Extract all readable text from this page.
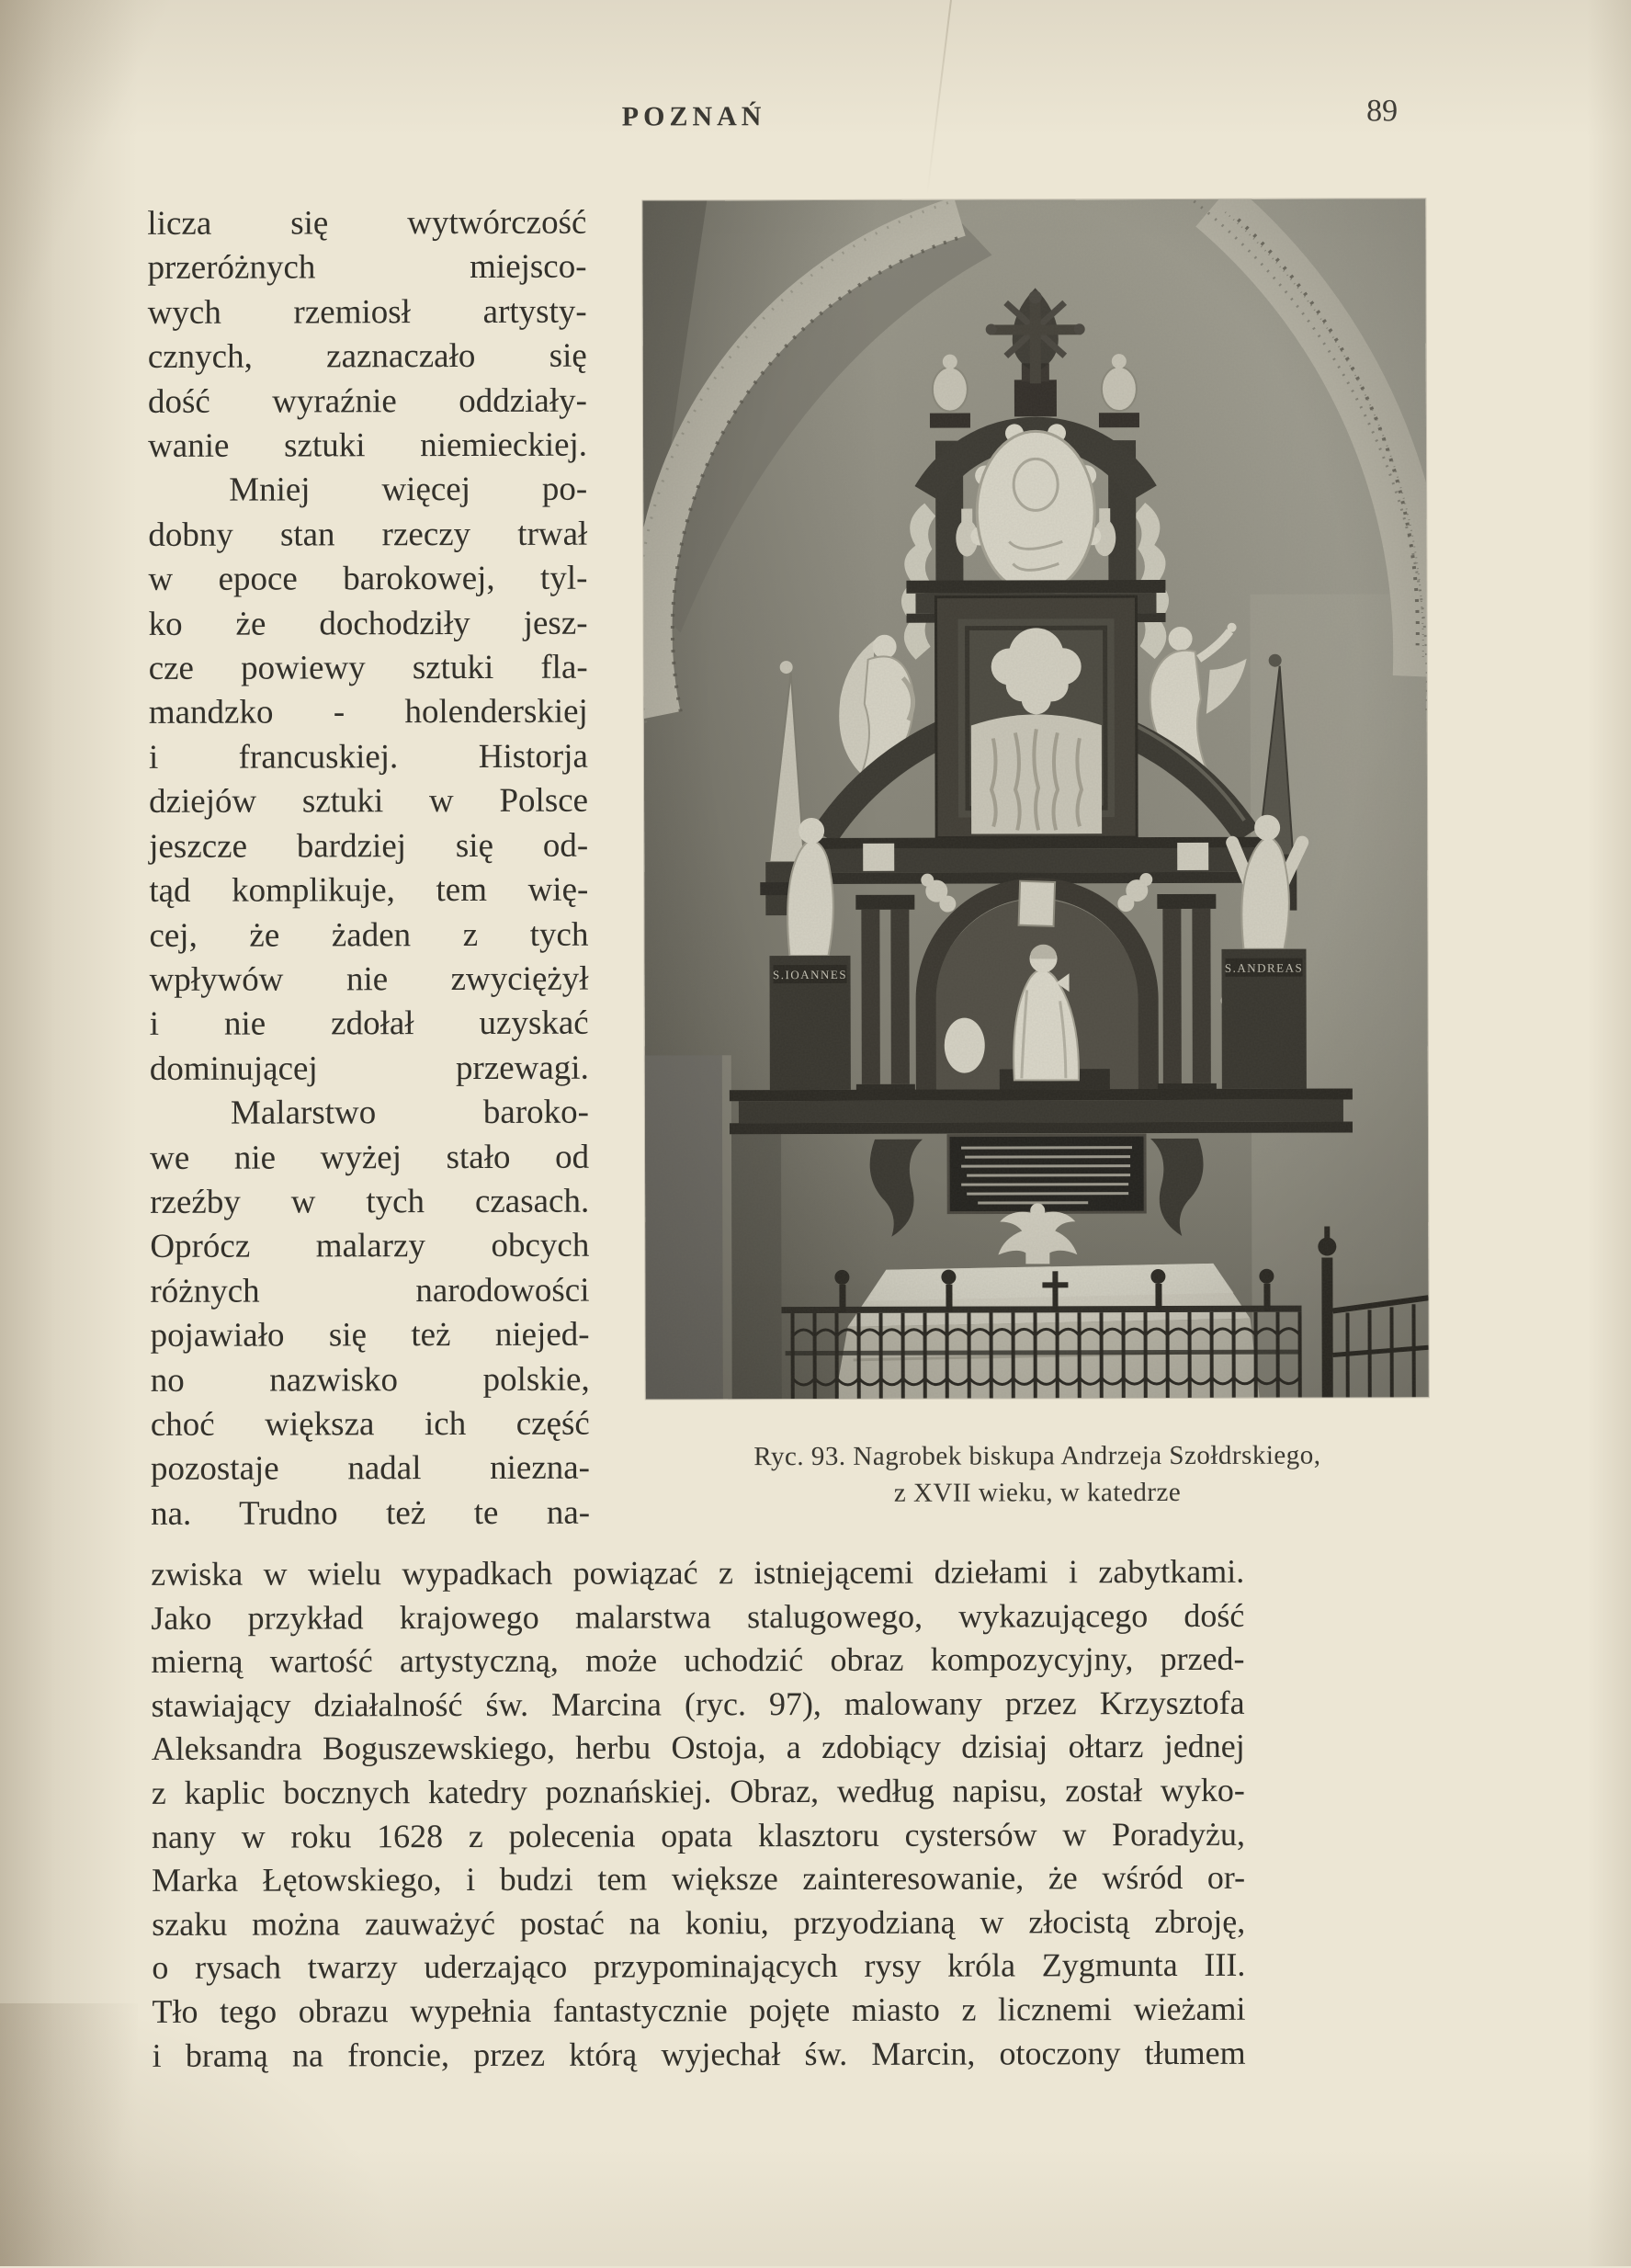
POZNAŃ	89
licza się wytwórczość
przeróżnych miejsco-
wych rzemiosł artysty-
cznych, zaznaczało się
dość wyraźnie oddziały-
wanie sztuki niemieckiej.
Mniej więcej po-
dobny stan rzeczy trwał
w epoce barokowej, tyl-
ko że dochodziły jesz-
cze powiewy sztuki fla-
mandzko - holenderskiej
i francuskiej. Historja
dziejów sztuki w Polsce
jeszcze bardziej się od-
tąd komplikuje, tem wię-
cej, że żaden z tych
wpływów nie zwyciężył
i nie zdołał uzyskać
dominującej przewagi.
Malarstwo baroko-
we nie wyżej stało od
rzeźby w tych czasach.
Oprócz malarzy obcych
różnych narodowości
pojawiało się też niejed-
no nazwisko polskie,
choć większa ich część
pozostaje nadal niezna-
na. Trudno też te na-
Ryc. 93. Nagrobek biskupa Andrzeja Szołdrskiego,
z XVII wieku, w katedrze
zwiska w wielu wypadkach powiązać z istniejącemi dziełami i zabytkami.
Jako przykład krajowego malarstwa stalugowego, wykazującego dość
mierną wartość artystyczną, może uchodzić obraz kompozycyjny, przed-
stawiający działalność św. Marcina (ryc. 97), malowany przez Krzysztofa
Aleksandra Boguszewskiego, herbu Ostoja, a zdobiący dzisiaj ołtarz jednej
z kaplic bocznych katedry poznańskiej. Obraz, według napisu, został wyko-
nany w roku 1628 z polecenia opata klasztoru cystersów w Poradyżu,
Marka Łętowskiego, i budzi tem większe zainteresowanie, że wśród or-
szaku można zauważyć postać na koniu, przyodzianą w złocistą zbroję,
o rysach twarzy uderzająco przypominających rysy króla Zygmunta III.
Tło tego obrazu wypełnia fantastycznie pojęte miasto z licznemi wieżami
i bramą na froncie, przez którą wyjechał św. Marcin, otoczony tłumem
